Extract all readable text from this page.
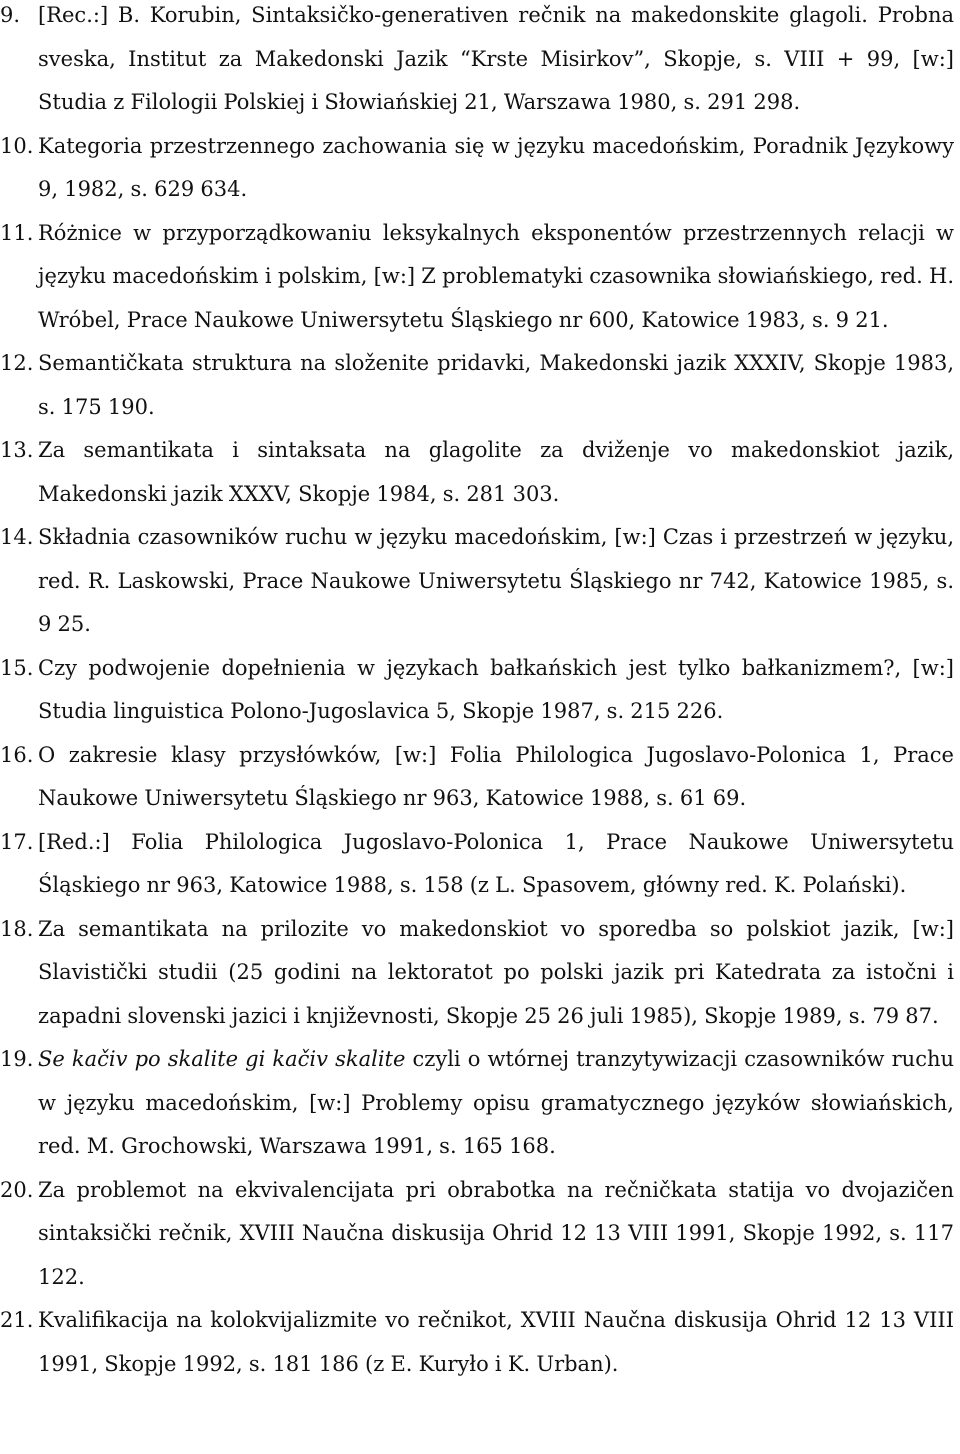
9. [Rec.:] B. Korubin, Sintaksičko-generativen rečnik na makedonskite glagoli. Probna sveska, Institut za Makedonski Jazik “Krste Misirkov”, Skopje, s. VIII + 99, [w:] Studia z Filologii Polskiej i Słowiańskiej 21, Warszawa 1980, s. 291 298.
10. Kategoria przestrzennego zachowania się w języku macedońskim, Poradnik Językowy 9, 1982, s. 629 634.
11. Różnice w przyporządkowaniu leksykalnych eksponentów przestrzennych relacji w języku macedońskim i polskim, [w:] Z problematyki czasownika słowiańskiego, red. H. Wróbel, Prace Naukowe Uniwersytetu Śląskiego nr 600, Katowice 1983, s. 9 21.
12. Semantičkata struktura na složenite pridavki, Makedonski jazik XXXIV, Skopje 1983, s. 175 190.
13. Za semantikata i sintaksata na glagolite za dviženje vo makedonskiot jazik, Makedonski jazik XXXV, Skopje 1984, s. 281 303.
14. Składnia czasowników ruchu w języku macedońskim, [w:] Czas i przestrzeń w języku, red. R. Laskowski, Prace Naukowe Uniwersytetu Śląskiego nr 742, Katowice 1985, s. 9 25.
15. Czy podwojenie dopełnienia w językach bałkańskich jest tylko bałkanizmem?, [w:] Studia linguistica Polono-Jugoslavica 5, Skopje 1987, s. 215 226.
16. O zakresie klasy przysłówków, [w:] Folia Philologica Jugoslavo-Polonica 1, Prace Naukowe Uniwersytetu Śląskiego nr 963, Katowice 1988, s. 61 69.
17. [Red.:] Folia Philologica Jugoslavo-Polonica 1, Prace Naukowe Uniwersytetu Śląskiego nr 963, Katowice 1988, s. 158 (z L. Spasovem, główny red. K. Polański).
18. Za semantikata na prilozite vo makedonskiot vo sporedba so polskiot jazik, [w:] Slavistički studii (25 godini na lektoratot po polski jazik pri Katedrata za istočni i zapadni slovenski jazici i književnosti, Skopje 25 26 juli 1985), Skopje 1989, s. 79 87.
19. Se kačiv po skalite gi kačiv skalite czyli o wtórnej tranzytywizacji czasowników ruchu w języku macedońskim, [w:] Problemy opisu gramatycznego języków słowiańskich, red. M. Grochowski, Warszawa 1991, s. 165 168.
20. Za problemot na ekvivalencijata pri obrabotka na rečničkata statija vo dvojazičen sintaksički rečnik, XVIII Naučna diskusija Ohrid 12 13 VIII 1991, Skopje 1992, s. 117 122.
21. Kvalifikacija na kolokvijalizmite vo rečnikot, XVIII Naučna diskusija Ohrid 12 13 VIII 1991, Skopje 1992, s. 181 186 (z E. Kuryło i K. Urban).
